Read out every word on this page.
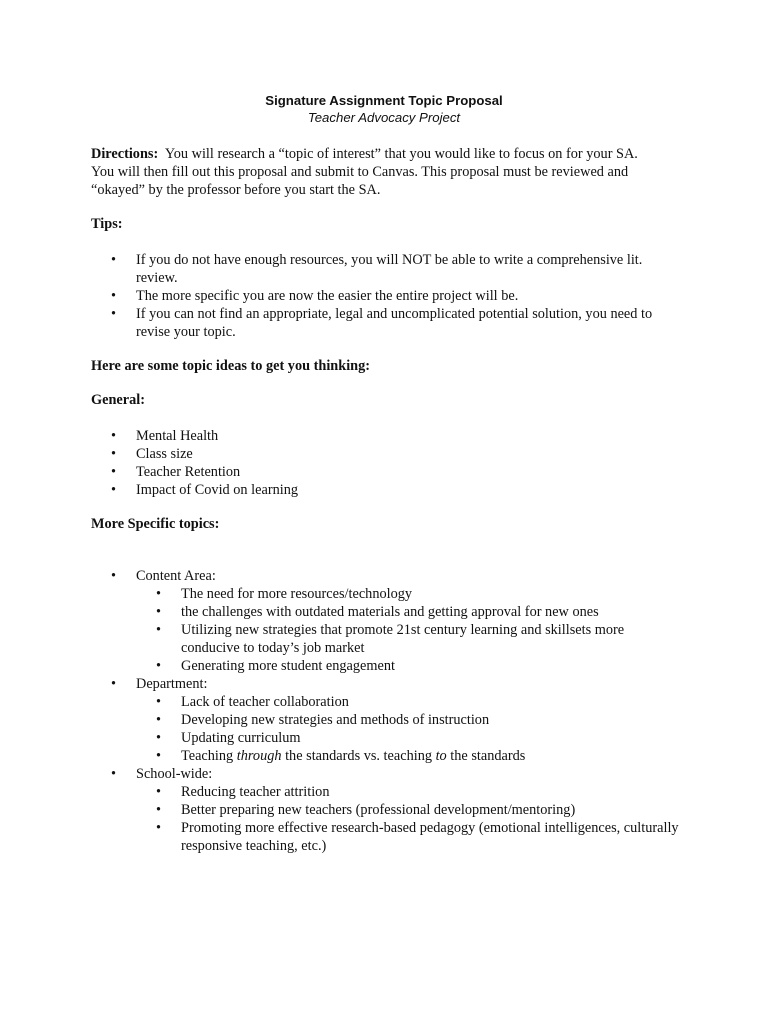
Signature Assignment Topic Proposal
Teacher Advocacy Project

Directions: You will research a “topic of interest” that you would like to focus on for your SA.
You will then fill out this proposal and submit to Canvas. This proposal must be reviewed and
“okayed” by the professor before you start the SA.

Tips:

• If you do not have enough resources, you will NOT be able to write a comprehensive lit. review.
• The more specific you are now the easier the entire project will be.
• If you can not find an appropriate, legal and uncomplicated potential solution, you need to revise your topic.

Here are some topic ideas to get you thinking:

General:

• Mental Health
• Class size
• Teacher Retention
• Impact of Covid on learning

More Specific topics:

• Content Area:
• The need for more resources/technology
• the challenges with outdated materials and getting approval for new ones
• Utilizing new strategies that promote 21st century learning and skillsets more conducive to today’s job market
• Generating more student engagement
• Department:
• Lack of teacher collaboration
• Developing new strategies and methods of instruction
• Updating curriculum
• Teaching through the standards vs. teaching to the standards
• School-wide:
• Reducing teacher attrition
• Better preparing new teachers (professional development/mentoring)
• Promoting more effective research-based pedagogy (emotional intelligences, culturally responsive teaching, etc.)
